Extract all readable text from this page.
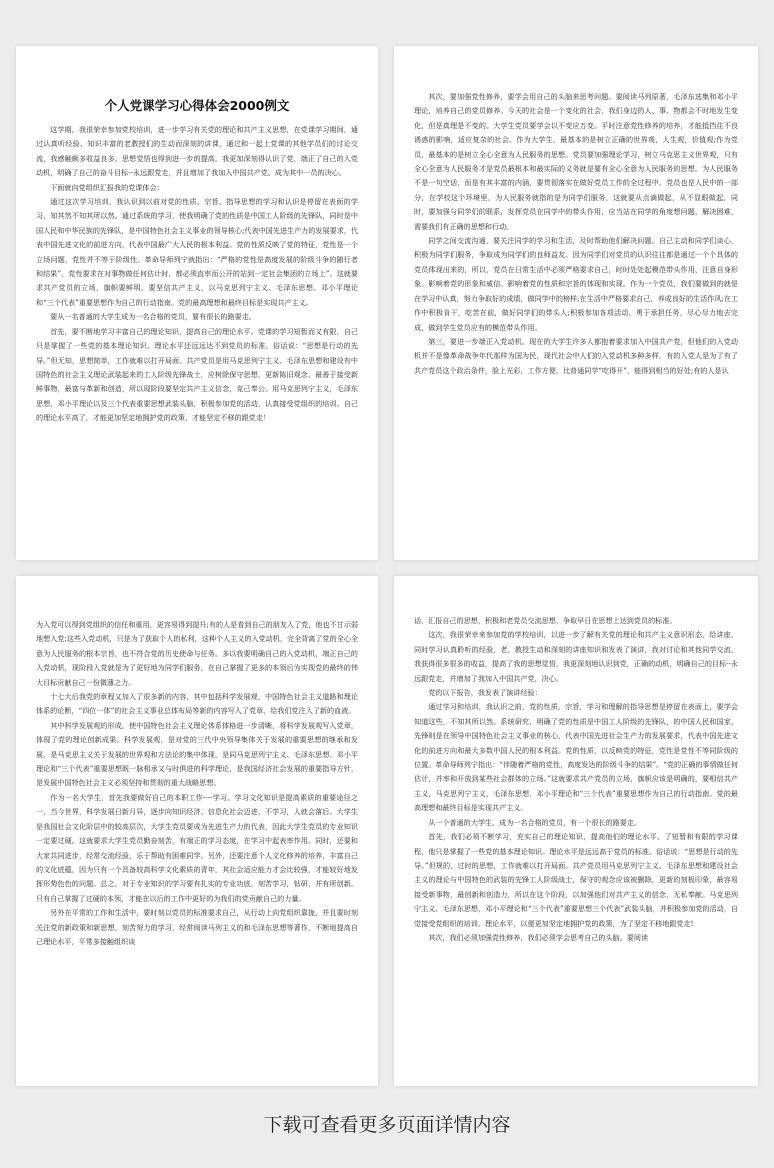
个人党课学习心得体会2000例文

这学期，我很荣幸参加党校培训，进一步学习有关党的理论和共产主义思想，在党课学习期间，通过认真听经验、知识丰富的老教授们的生动而深刻的讲课，通过和一起上党课的其他学员们的讨论交流，我感触颇多收益良多。思想觉悟也得到进一步的提高。我更加深刻得认识了党，端正了自己的入党动机，明确了自己的奋斗目标--永远跟党走，并且增加了我加入中国共产党、成为其中一员的决心。

下面就向党组织汇报我的党课体会：

通过这次学习培训，我认识到以前对党的性质、宗旨、指导思想的学习和认识是停留在表面的学习，知其然不知其所以然。通过系统的学习，使我明确了党的性质是中国工人阶级的先锋队，同时是中国人民和中华民族的先锋队，是中国特色社会主义事业的领导核心;代表中国先进生产力的发展要求，代表中国先进文化的前进方向，代表中国最广大人民的根本利益。党的性质反映了党的特征，党性是一个立场问题，党性并不等于阶级性。革命导师列宁就指出：“严格的党性是高度发展的阶级斗争的随行者和结果”。党性要求在对事物做任何估计时，都必须直率而公开的站到一定社会集团的立场上”。这就要求共产党员的立场，旗帜要鲜明，要坚信共产主义，以马克思列宁主义、毛泽东思想、邓小平理论和“三个代表”重要思想作为自己的行动指南。党的最高理想和最终目标是实现共产主义。

要从一名普通的大学生成为一名合格的党员，要有很长的路要走。

首先，要不断地学习丰富自己的理论知识，提高自己的理论水平。党课的学习短暂而又有限，自己只是掌握了一些党的基本理论知识。理论水平还远远达不到党员的标准。俗话说：“思想是行动的先导。”但无知，思想简单，工作就难以打开局面。共产党员是用马克思列宁主义、毛泽东思想和建设有中国特色的社会主义理论武装起来的工人阶级先锋战士，应树除保守思想，更新陈旧观念，最善于接受新鲜事物，最富与革新和创造，所以现阶段要坚定共产主义信念，克己奉公。用马克思列宁主义，毛泽东思想，邓小平理论以及三个代表重要思想武装头脑，积极参加党的活动，认真接受党组织的培训。自己的理论水平高了，才能更加坚定地拥护党的政策，才能坚定不移的跟党走！

其次，要加强党性修养，要学会用自己的头脑来思考问题。要阅读马列原著，毛泽东选集和邓小平理论，培养自己的党员修养。今天的社会是一个变化的社会，我们身边的人、事、物都会不时地发生变化，但是真理是不变的。大学生党员要学会以不变应万变。平时注意党性修养的培养，才能抵挡住不良诱惑的影响，适应复杂的社会。作为大学生，最基本的是树立正确的世界观，人生观，价值观;作为党员，最基本的是树立全心全意为人民服务的思想。党员要加强理论学习，树立马克思主义世界观，只有全心全意为人民服务才是党员最根本和最实际的义务就是要有全心全意为人民服务的思想。为人民服务不是一句空话，而是有其丰富的内涵，要贯彻落实在做好党员工作的全过程中。党员也是人民中的一部分，在学校这个环境里，为人民服务就指的是为同学们服务，这就要从点滴做起，从不显眼做起，同时，要加强与同学们的联系，发挥党员在同学中的带头作用，应当站在同学的角度想问题，解决困难，需要我们有正确的思想和行动。

同学之间交流沟通，要关注同学的学习和生活，及时帮助他们解决问题。自己主动和同学们谈心，积极为同学们服务，争取成为同学们的良师益友。因为同学们对党员的认识往往都是通过一个个具体的党员体现出来的，所以，党员在日常生活中必须严格要求自己，时时处处起模范带头作用，注意自身形象。影响着党的形象和威信。影响着党的性质和宗旨的体现和实现。作为一个党员，我们要做到的就是在学习中认真，努力争取好的成绩，做同学中的榜样;在生活中严格要求自己，养成良好的生活作风;在工作中积极肯干，吃苦在前，做好同学们的带头人;积极参加各项活动，勇于承担任务，尽心尽力地去完成，做到学生党员应有的模范带头作用。

第三，要进一步端正入党动机。现在的大学生许多人都抱着要求加入中国共产党，但他们的入党动机并不是像革命战争年代那样为国为民，现代社会中人们的入党动机多种多样，有的入党人是为了有了共产党员这个政治条件，脸上光彩，工作方便，比普通同学“吃得开”，能得到相当的好处;有的人是认

为入党可以得到党组织的信任和重用，更容易得到提升;有的人是看到自己的朋友入了党，他也不甘示弱地想入党;这些入党动机，只是为了获取个人的私利，这种个人主义的入党动机，完全背离了党的全心全意为人民服务的根本宗旨，也不符合党的历史使命与任务。多以我要明确自己的入党动机，端正自己的入党动机，现阶段入党就是为了更好地为同学们服务，在自己掌握了更多的本领后为实现党的最终的伟大目标贡献自己一份微薄之力。

十七大后我党的章程又加入了很多新的内容，其中包括科学发展观，中国特色社会主义道路和理论体系的论断，“四位一体”的社会主义事业总体布局等新的内容写入了党章，给我们党注入了新的血液。

其中科学发展观的形成，使中国特色社会主义理论体系体格进一步清晰，将科学发展观写入党章，体现了党的理论创新成果。科学发展观，是对党的三代中央领导集体关于发展的重要思想的继承和发展，是马克思主义关于发展的世界观和方法论的集中体现，是同马克思列宁主义、毛泽东思想、邓小平理论和“三个代表”重要思想既一脉相承又与时俱进的科学理论，是我国经济社会发展的重要指导方针，是发展中国特色社会主义必须坚持和贯彻的重大战略思想。

作为一名大学生，首先我要做好自己的本职工作----学习。学习文化知识是提高素质的重要途径之一，当今世界，科学发展日新月异，逐步向知识经济、信息化社会迈进，不学习，人就会落后。大学生是我国社会文化阶层中的较高层次，大学生党员要成为先进生产力的代表，因此大学生党员的专业知识一定要过硬。这就要求大学生党员勤奋刻苦，有端正的学习态度，在学习中起表率作用。同时，还要和大家共同进步，经常交流经验，乐于帮助有困难同学。另外，还要注意个人文化修养的培养，丰富自己的文化底蕴，因为只有一个具备较高科学文化素质的青年，其社会适应能力才会比较强，才能较好地发挥形势色色的问题。总之，对于专业知识的学习要有扎实的专业功底，刻苦学习，钻研，并有所创新。只有自己掌握了过硬的本领，才能在以后的工作中更好的为我们的党贡献自己的力量。

另外在平常的工作和生活中，要时刻以党员的标准要求自己，从行动上向党组织靠拢，并且要时刻关注党的新政策和新思想，刻苦努力的学习，经常阅读马列主义的和毛泽东思想等著作，不断地提高自己理论水平，平常多接触组织谈

话，汇报自己的思想，积极和老党员交流思想，争取早日在思想上达到党员的标准。

这次，我很荣幸来参加党的学校培训，以进一步了解有关党的理论和共产主义意识形态，给讲座，同时学习认真聆听的经验，老，教授生动和深刻的讲座知识和发表了演讲，我对讨论和其他同学交流，我获得很多很多的收益，提高了我的思想觉悟，我更深刻地认识到党，正确的动机，明确自己的目标--永远跟党走，并增加了我加入中国共产党，决心。

党的以下报告，我发表了演讲经验：

通过学习和培训，我认识之前，党的性质，宗旨，学习和理解的指导思想是停留在表面上，要学会知道这些，不知其所以然。系统研究，明确了党的性质是中国工人阶级的先锋队，的中国人民和国家，先锋则是在领导中国特色社会主义事业的核心，代表中国先进社会生产力的发展要求，代表中国先进文化的前进方向和最大多数中国人民的根本利益。党的性质，以反映党的特征，党性是党性不等同阶级的位置。革命导师列宁指出：“伴随着严格的党性，高度发达的阶级斗争的结果”。“党的正确的事情做任何估计，并率和开放到某些社会群体的立场。”这就要求共产党员的立场，旗帜应该是明确的，要相信共产主义，马克思列宁主义，毛泽东思想，邓小平理论和“三个代表”重要思想作为自己的行动指南。党的最高理想和最终目标是实现共产主义。

从一个普通的大学生，成为一名合格的党员，有一个很长的路要走。

首先，我们必须不断学习，充实自己的理论知识，提高他们的理论水平。了短暂和有限的学习课程，他只是掌握了一些党的基本理论知识。理论水平是远远高于党员的标准。俗话说：“思想是行动的先导。”但规的，过时的思想，工作就难以打开局面。共产党员用马克思列宁主义、毛泽东思想和建设社会主义的理论与中国特色的武装的先锋工人阶级战士，保守的观念应该被删除，更新的刻板印象，最容易接受新事物，最创新和创造力，所以在这个阶段，以加强他们对共产主义的信念，无私奉献。马克思列宁主义、毛泽东思想，邓小平理论和“三个代表”重要思想三个代表”武装头脑，并积极参加党的活动，自觉接受党组织的培训。理论水平，以便更加坚定地拥护党的政策，为了坚定不移地跟党走!

其次，我们必须加强党性修养，我们必须学会思考自己的头脑。要阅读

下载可查看更多页面详情内容
